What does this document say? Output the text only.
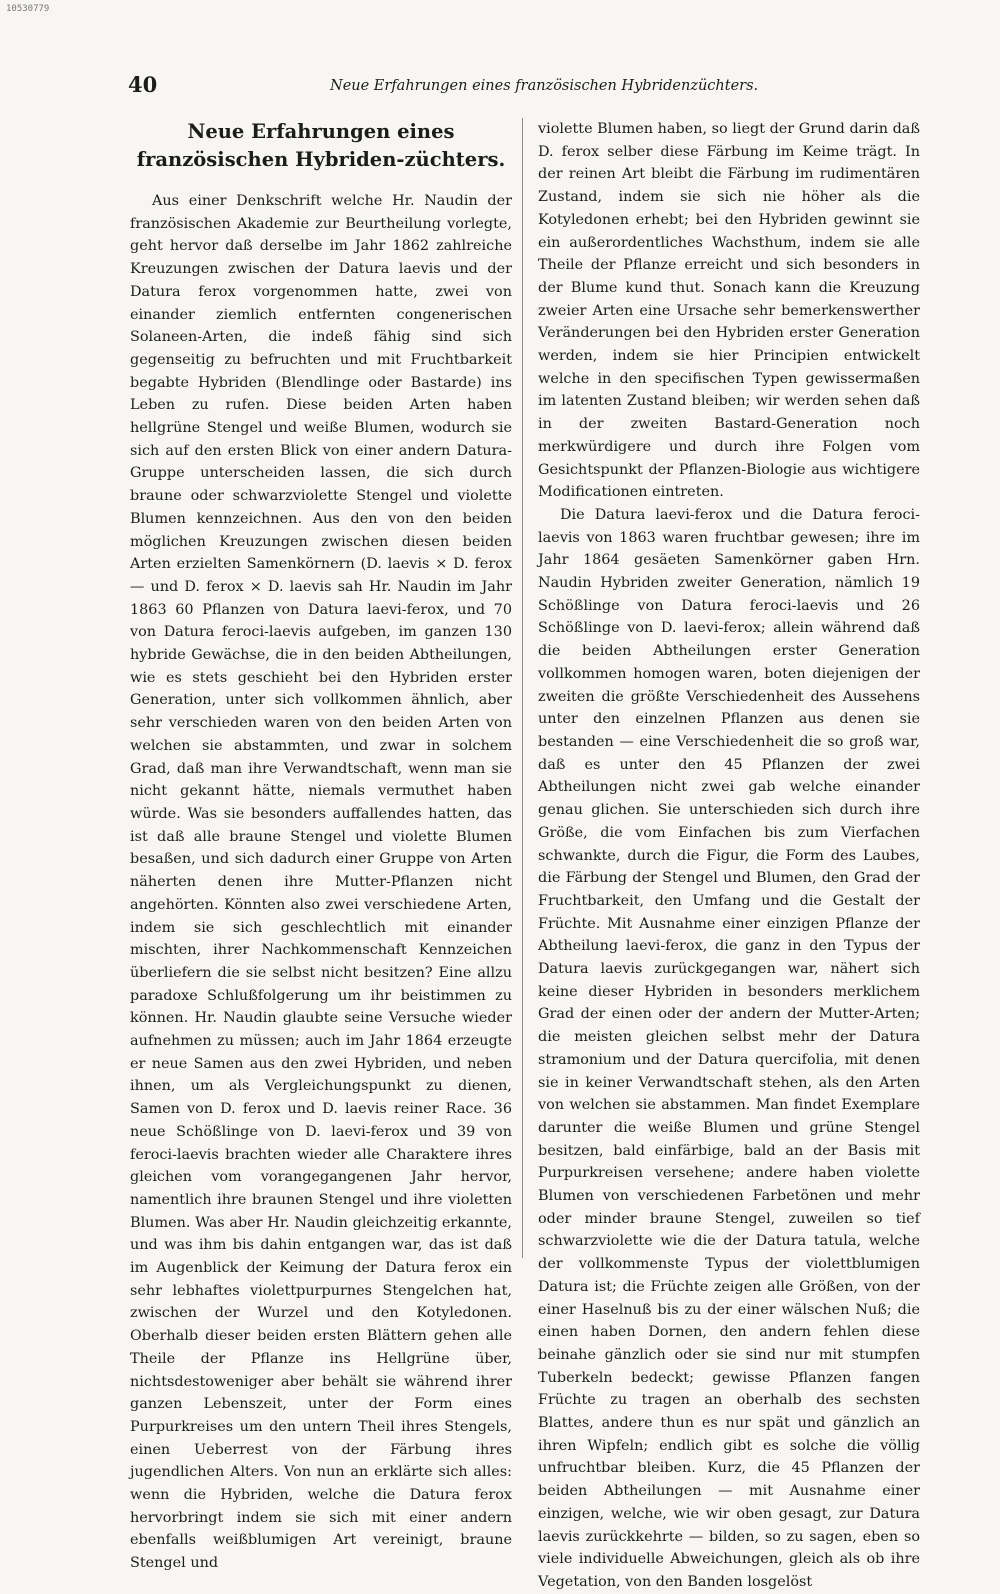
10530779
40	Neue Erfahrungen eines französischen Hybridenzüchters.
Neue Erfahrungen eines französischen Hybriden-züchters.

Aus einer Denkschrift welche Hr. Naudin der französischen Akademie zur Beurtheilung vorlegte, geht hervor daß derselbe im Jahr 1862 zahlreiche Kreuzungen zwischen der Datura laevis und der Datura ferox vorgenommen hatte, zwei von einander ziemlich entfernten congenerischen Solaneen-Arten, die indeß fähig sind sich gegenseitig zu befruchten und mit Fruchtbarkeit begabte Hybriden (Blendlinge oder Bastarde) ins Leben zu rufen. Diese beiden Arten haben hellgrüne Stengel und weiße Blumen, wodurch sie sich auf den ersten Blick von einer andern Datura-Gruppe unterscheiden lassen, die sich durch braune oder schwarzviolette Stengel und violette Blumen kennzeichnen. Aus den von den beiden möglichen Kreuzungen zwischen diesen beiden Arten erzielten Samenkörnern (D. laevis × D. ferox — und D. ferox × D. laevis sah Hr. Naudin im Jahr 1863 60 Pflanzen von Datura laevi-ferox, und 70 von Datura feroci-laevis aufgeben, im ganzen 130 hybride Gewächse, die in den beiden Abtheilungen, wie es stets geschieht bei den Hybriden erster Generation, unter sich vollkommen ähnlich, aber sehr verschieden waren von den beiden Arten von welchen sie abstammten, und zwar in solchem Grad, daß man ihre Verwandtschaft, wenn man sie nicht gekannt hätte, niemals vermuthet haben würde. Was sie besonders auffallendes hatten, das ist daß alle braune Stengel und violette Blumen besaßen, und sich dadurch einer Gruppe von Arten näherten denen ihre Mutter-Pflanzen nicht angehörten. Könnten also zwei verschiedene Arten, indem sie sich geschlechtlich mit einander mischten, ihrer Nachkommenschaft Kennzeichen überliefern die sie selbst nicht besitzen? Eine allzu paradoxe Schlußfolgerung um ihr beistimmen zu können. Hr. Naudin glaubte seine Versuche wieder aufnehmen zu müssen; auch im Jahr 1864 erzeugte er neue Samen aus den zwei Hybriden, und neben ihnen, um als Vergleichungspunkt zu dienen, Samen von D. ferox und D. laevis reiner Race. 36 neue Schößlinge von D. laevi-ferox und 39 von feroci-laevis brachten wieder alle Charaktere ihres gleichen vom vorangegangenen Jahr hervor, namentlich ihre braunen Stengel und ihre violetten Blumen. Was aber Hr. Naudin gleichzeitig erkannte, und was ihm bis dahin entgangen war, das ist daß im Augenblick der Keimung der Datura ferox ein sehr lebhaftes violettpurpurnes Stengelchen hat, zwischen der Wurzel und den Kotyledonen. Oberhalb dieser beiden ersten Blättern gehen alle Theile der Pflanze ins Hellgrüne über, nichtsdestoweniger aber behält sie während ihrer ganzen Lebenszeit, unter der Form eines Purpurkreises um den untern Theil ihres Stengels, einen Ueberrest von der Färbung ihres jugendlichen Alters. Von nun an erklärte sich alles: wenn die Hybriden, welche die Datura ferox hervorbringt indem sie sich mit einer andern ebenfalls weißblumigen Art vereinigt, braune Stengel und

violette Blumen haben, so liegt der Grund darin daß D. ferox selber diese Färbung im Keime trägt. In der reinen Art bleibt die Färbung im rudimentären Zustand, indem sie sich nie höher als die Kotyledonen erhebt; bei den Hybriden gewinnt sie ein außerordentliches Wachsthum, indem sie alle Theile der Pflanze erreicht und sich besonders in der Blume kund thut. Sonach kann die Kreuzung zweier Arten eine Ursache sehr bemerkenswerther Veränderungen bei den Hybriden erster Generation werden, indem sie hier Principien entwickelt welche in den specifischen Typen gewissermaßen im latenten Zustand bleiben; wir werden sehen daß in der zweiten Bastard-Generation noch merkwürdigere und durch ihre Folgen vom Gesichtspunkt der Pflanzen-Biologie aus wichtigere Modificationen eintreten.

Die Datura laevi-ferox und die Datura feroci-laevis von 1863 waren fruchtbar gewesen; ihre im Jahr 1864 gesäeten Samenkörner gaben Hrn. Naudin Hybriden zweiter Generation, nämlich 19 Schößlinge von Datura feroci-laevis und 26 Schößlinge von D. laevi-ferox; allein während daß die beiden Abtheilungen erster Generation vollkommen homogen waren, boten diejenigen der zweiten die größte Verschiedenheit des Aussehens unter den einzelnen Pflanzen aus denen sie bestanden — eine Verschiedenheit die so groß war, daß es unter den 45 Pflanzen der zwei Abtheilungen nicht zwei gab welche einander genau glichen. Sie unterschieden sich durch ihre Größe, die vom Einfachen bis zum Vierfachen schwankte, durch die Figur, die Form des Laubes, die Färbung der Stengel und Blumen, den Grad der Fruchtbarkeit, den Umfang und die Gestalt der Früchte. Mit Ausnahme einer einzigen Pflanze der Abtheilung laevi-ferox, die ganz in den Typus der Datura laevis zurückgegangen war, nähert sich keine dieser Hybriden in besonders merklichem Grad der einen oder der andern der Mutter-Arten; die meisten gleichen selbst mehr der Datura stramonium und der Datura quercifolia, mit denen sie in keiner Verwandtschaft stehen, als den Arten von welchen sie abstammen. Man findet Exemplare darunter die weiße Blumen und grüne Stengel besitzen, bald einfärbige, bald an der Basis mit Purpurkreisen versehene; andere haben violette Blumen von verschiedenen Farbetönen und mehr oder minder braune Stengel, zuweilen so tief schwarzviolette wie die der Datura tatula, welche der vollkommenste Typus der violettblumigen Datura ist; die Früchte zeigen alle Größen, von der einer Haselnuß bis zu der einer wälschen Nuß; die einen haben Dornen, den andern fehlen diese beinahe gänzlich oder sie sind nur mit stumpfen Tuberkeln bedeckt; gewisse Pflanzen fangen Früchte zu tragen an oberhalb des sechsten Blattes, andere thun es nur spät und gänzlich an ihren Wipfeln; endlich gibt es solche die völlig unfruchtbar bleiben. Kurz, die 45 Pflanzen der beiden Abtheilungen — mit Ausnahme einer einzigen, welche, wie wir oben gesagt, zur Datura laevis zurückkehrte — bilden, so zu sagen, eben so viele individuelle Abweichungen, gleich als ob ihre Vegetation, von den Banden losgelöst
